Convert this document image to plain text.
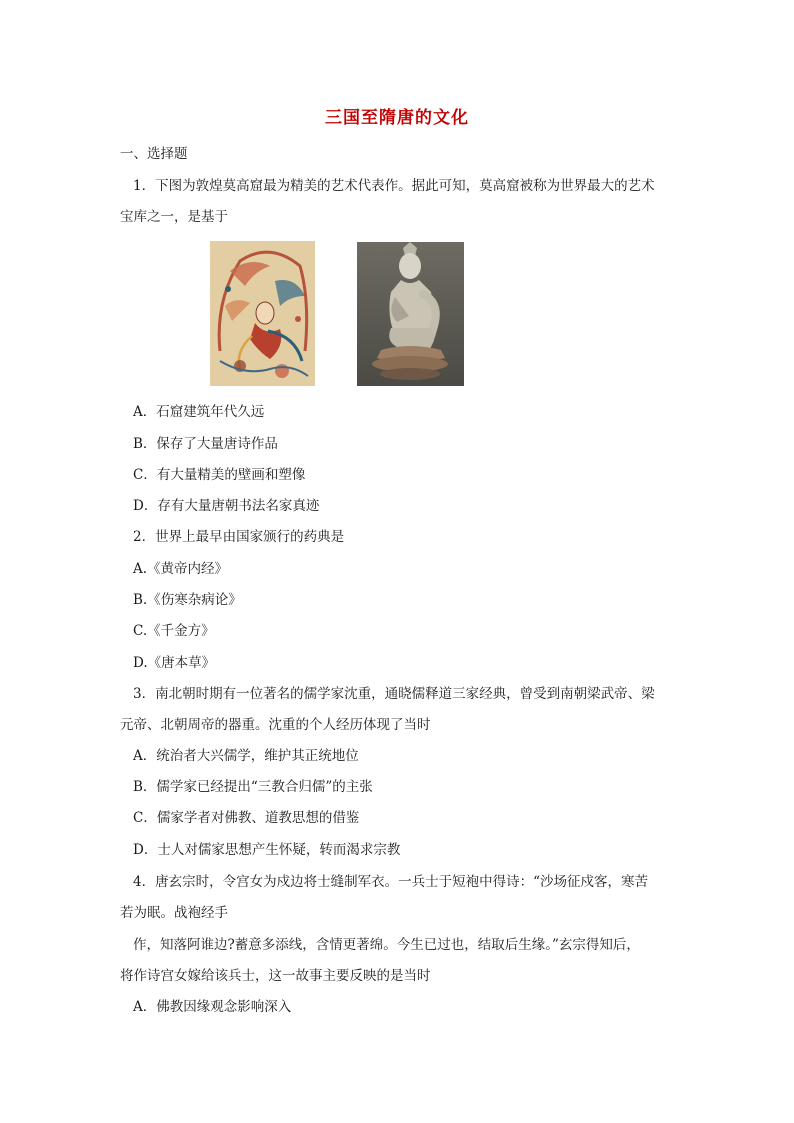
三国至隋唐的文化
一、选择题
1．下图为敦煌莫高窟最为精美的艺术代表作。据此可知，莫高窟被称为世界最大的艺术
宝库之一，是基于
A．石窟建筑年代久远
B．保存了大量唐诗作品
C．有大量精美的壁画和塑像
D．存有大量唐朝书法名家真迹
2．世界上最早由国家颁行的药典是
A.《黄帝内经》
B.《伤寒杂病论》
C.《千金方》
D.《唐本草》
3．南北朝时期有一位著名的儒学家沈重，通晓儒释道三家经典，曾受到南朝梁武帝、梁
元帝、北朝周帝的器重。沈重的个人经历体现了当时
A．统治者大兴儒学，维护其正统地位
B．儒学家已经提出“三教合归儒”的主张
C．儒家学者对佛教、道教思想的借鉴
D．士人对儒家思想产生怀疑，转而渴求宗教
4．唐玄宗时，令宫女为戍边将士缝制军衣。一兵士于短袍中得诗：“沙场征戍客，寒苦
若为眠。战袍经手
作，知落阿谁边?蓄意多添线，含情更著绵。今生已过也，结取后生缘。”玄宗得知后，
将作诗宫女嫁给该兵士，这一故事主要反映的是当时
A．佛教因缘观念影响深入
